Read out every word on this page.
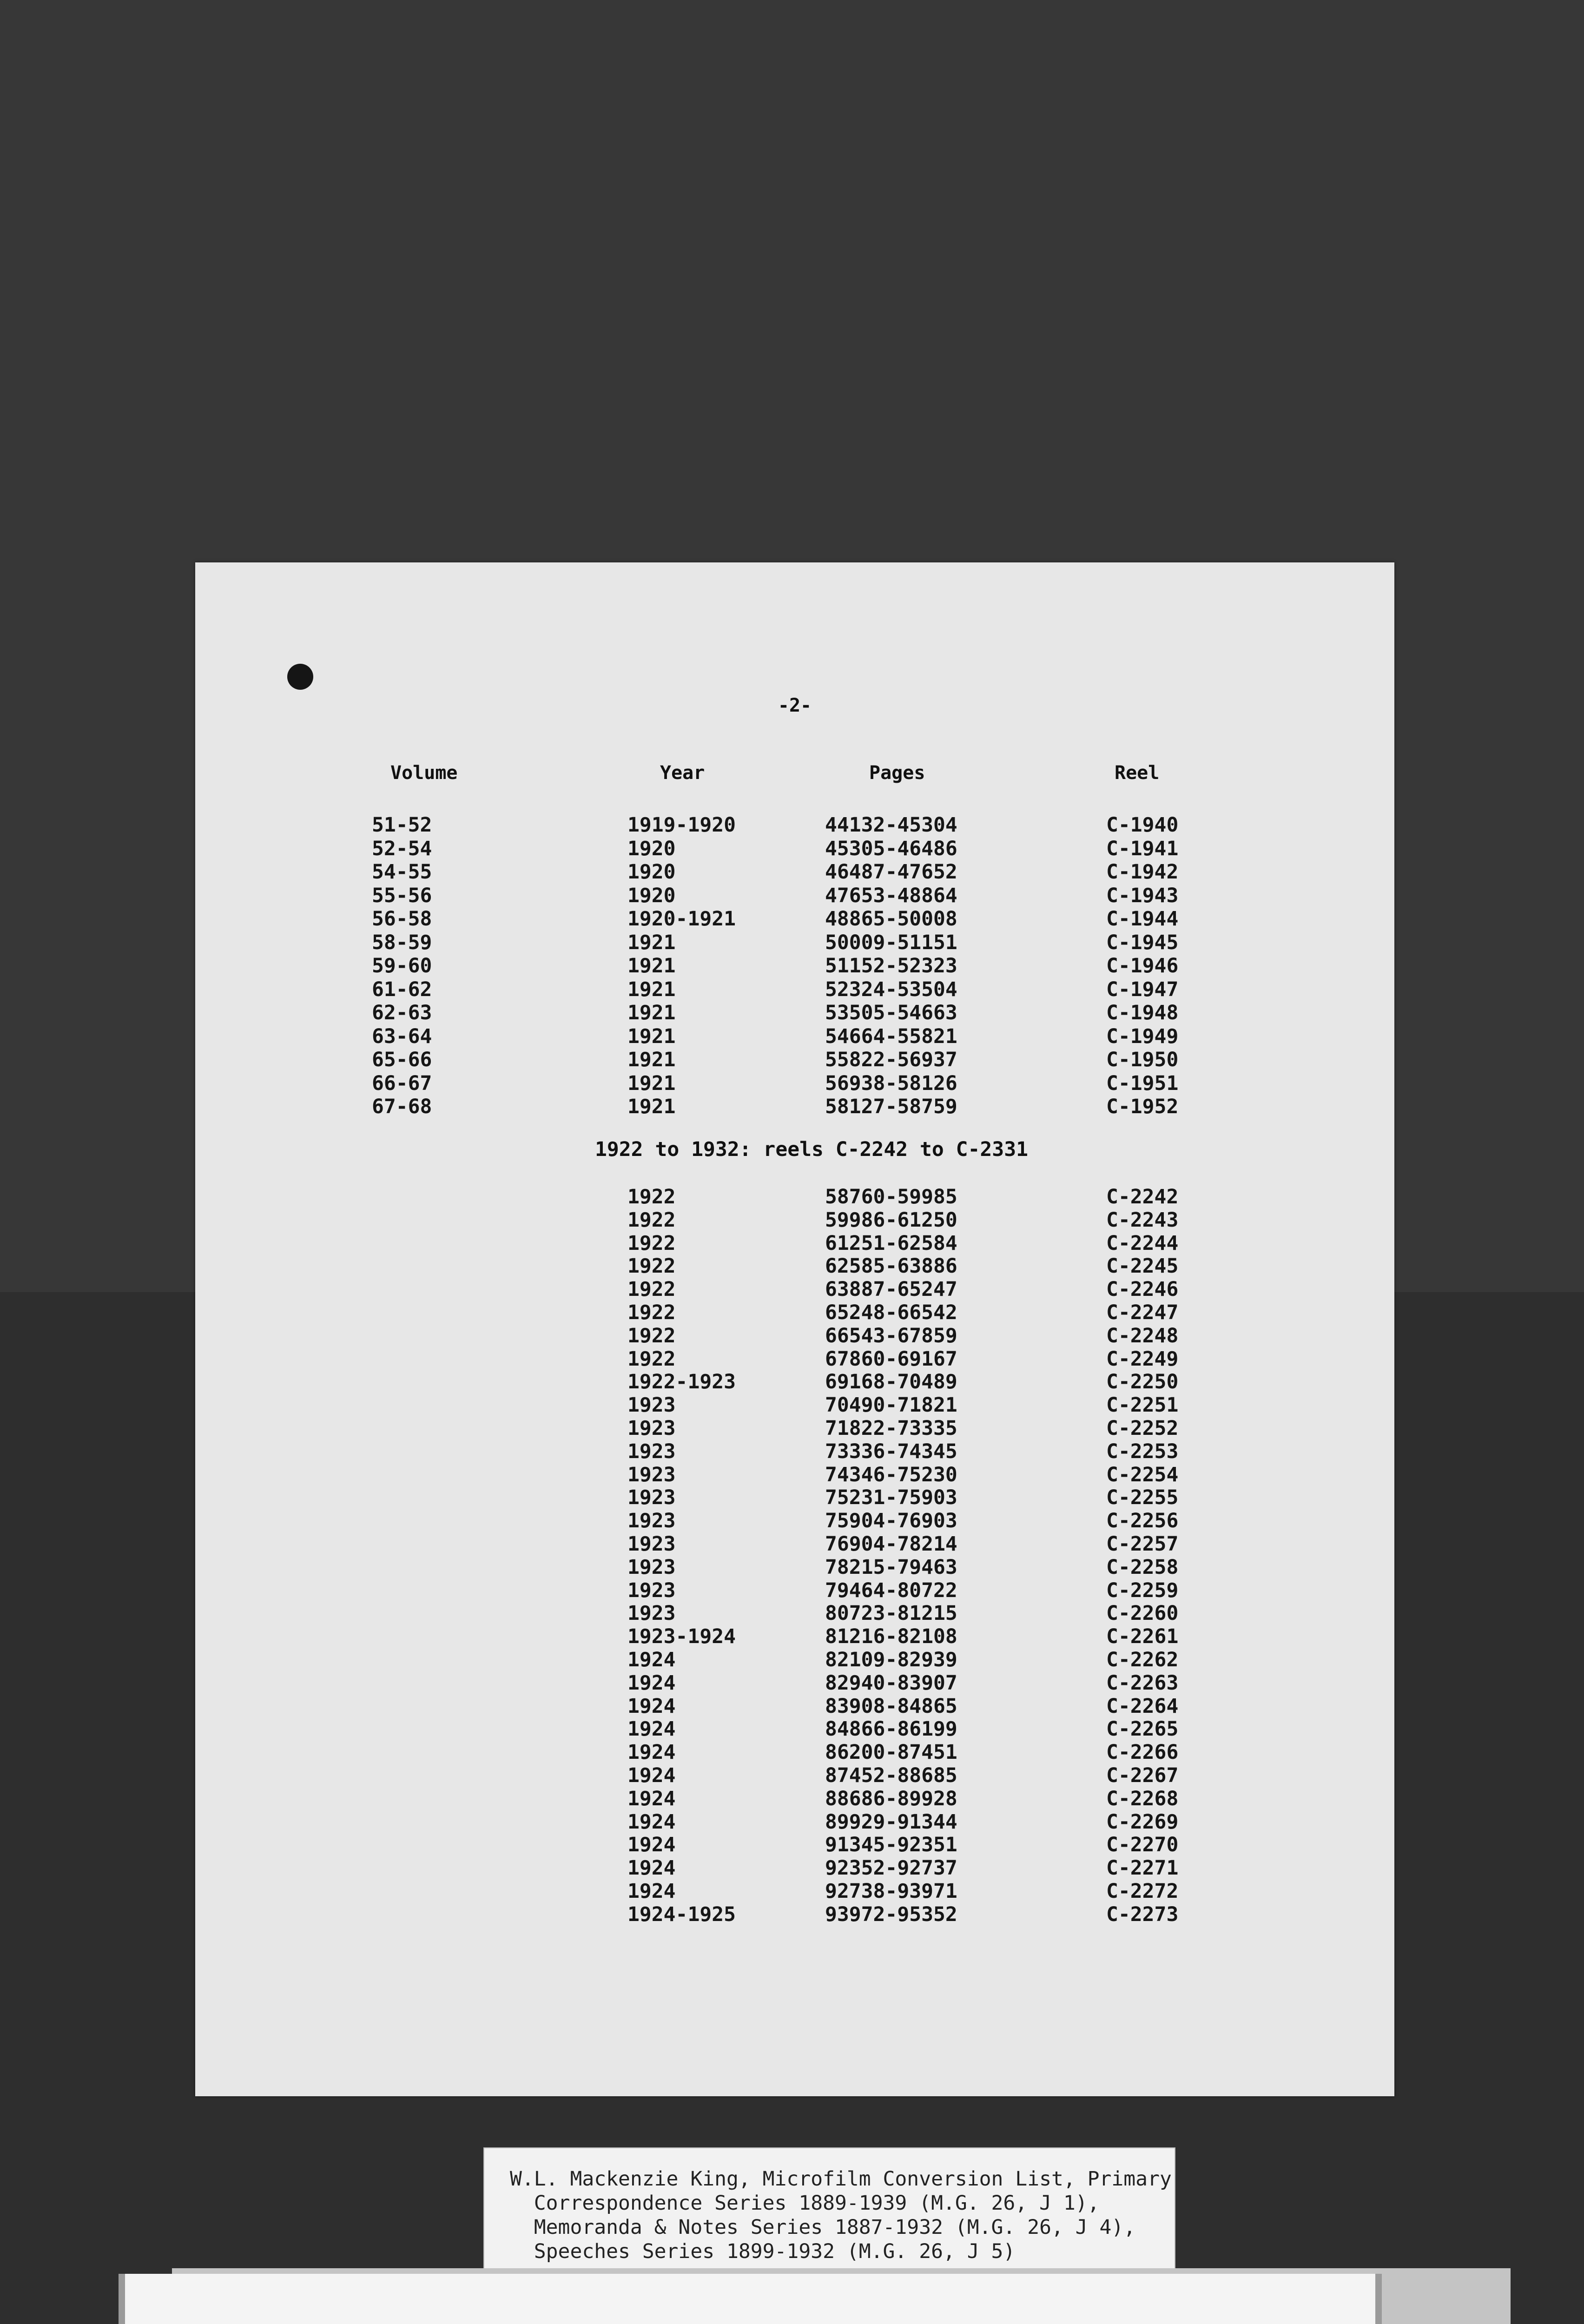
-2-
Volume	Year	Pages	Reel
51-52	1919-1920	44132-45304	C-1940
52-54	1920	45305-46486	C-1941
54-55	1920	46487-47652	C-1942
55-56	1920	47653-48864	C-1943
56-58	1920-1921	48865-50008	C-1944
58-59	1921	50009-51151	C-1945
59-60	1921	51152-52323	C-1946
61-62	1921	52324-53504	C-1947
62-63	1921	53505-54663	C-1948
63-64	1921	54664-55821	C-1949
65-66	1921	55822-56937	C-1950
66-67	1921	56938-58126	C-1951
67-68	1921	58127-58759	C-1952
1922 to 1932: reels C-2242 to C-2331
1922	58760-59985	C-2242
1922	59986-61250	C-2243
1922	61251-62584	C-2244
1922	62585-63886	C-2245
1922	63887-65247	C-2246
1922	65248-66542	C-2247
1922	66543-67859	C-2248
1922	67860-69167	C-2249
1922-1923	69168-70489	C-2250
1923	70490-71821	C-2251
1923	71822-73335	C-2252
1923	73336-74345	C-2253
1923	74346-75230	C-2254
1923	75231-75903	C-2255
1923	75904-76903	C-2256
1923	76904-78214	C-2257
1923	78215-79463	C-2258
1923	79464-80722	C-2259
1923	80723-81215	C-2260
1923-1924	81216-82108	C-2261
1924	82109-82939	C-2262
1924	82940-83907	C-2263
1924	83908-84865	C-2264
1924	84866-86199	C-2265
1924	86200-87451	C-2266
1924	87452-88685	C-2267
1924	88686-89928	C-2268
1924	89929-91344	C-2269
1924	91345-92351	C-2270
1924	92352-92737	C-2271
1924	92738-93971	C-2272
1924-1925	93972-95352	C-2273
W.L. Mackenzie King, Microfilm Conversion List, Primary
Correspondence Series 1889-1939 (M.G. 26, J 1),
Memoranda & Notes Series 1887-1932 (M.G. 26, J 4),
Speeches Series 1899-1932 (M.G. 26, J 5)
